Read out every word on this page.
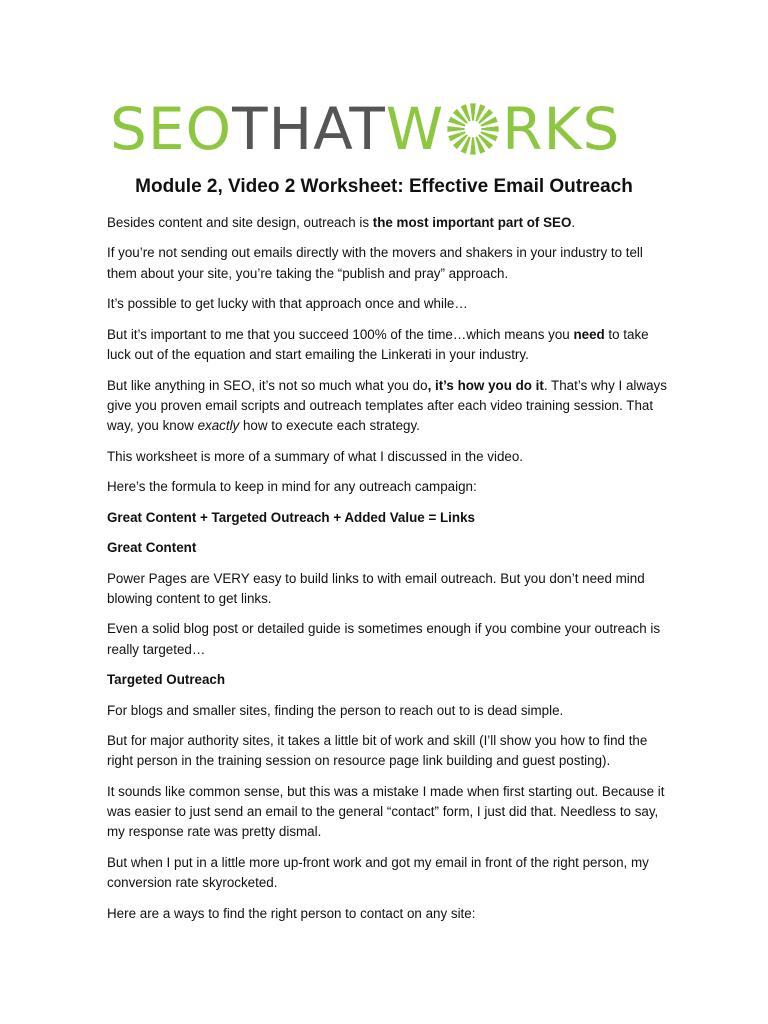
SEO THAT W RKS
Module 2, Video 2 Worksheet: Effective Email Outreach

Besides content and site design, outreach is the most important part of SEO.

If you’re not sending out emails directly with the movers and shakers in your industry to tell them about your site, you’re taking the “publish and pray” approach.

It’s possible to get lucky with that approach once and while…

But it’s important to me that you succeed 100% of the time…which means you need to take luck out of the equation and start emailing the Linkerati in your industry.

But like anything in SEO, it’s not so much what you do, it’s how you do it. That’s why I always give you proven email scripts and outreach templates after each video training session. That way, you know exactly how to execute each strategy.

This worksheet is more of a summary of what I discussed in the video.

Here’s the formula to keep in mind for any outreach campaign:

Great Content + Targeted Outreach + Added Value = Links

Great Content

Power Pages are VERY easy to build links to with email outreach. But you don’t need mind blowing content to get links.

Even a solid blog post or detailed guide is sometimes enough if you combine your outreach is really targeted…

Targeted Outreach

For blogs and smaller sites, finding the person to reach out to is dead simple.

But for major authority sites, it takes a little bit of work and skill (I’ll show you how to find the right person in the training session on resource page link building and guest posting).

It sounds like common sense, but this was a mistake I made when first starting out. Because it was easier to just send an email to the general “contact” form, I just did that. Needless to say, my response rate was pretty dismal.

But when I put in a little more up-front work and got my email in front of the right person, my conversion rate skyrocketed.

Here are a ways to find the right person to contact on any site:
